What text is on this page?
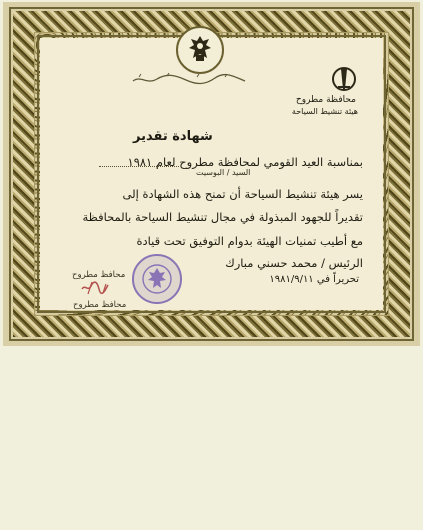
محافظة مطروح
هيئة تنشيط السياحة
شهادة تقدير
بمناسبة العيد القومي لمحافظة مطروح لعام ١٩٨١
يسر هيئة تنشيط السياحة أن تمنح هذه الشهادة إلى
السيد / البوسيت
تقديراً للجهود المبذولة في مجال تنشيط السياحة بالمحافظة
مع أطيب تمنيات الهيئة بدوام التوفيق تحت قيادة
الرئيس / محمد حسني مبارك
تحريراً في ١٩٨١/٩/١١
محافظ مطروح
محافظ مطروح
